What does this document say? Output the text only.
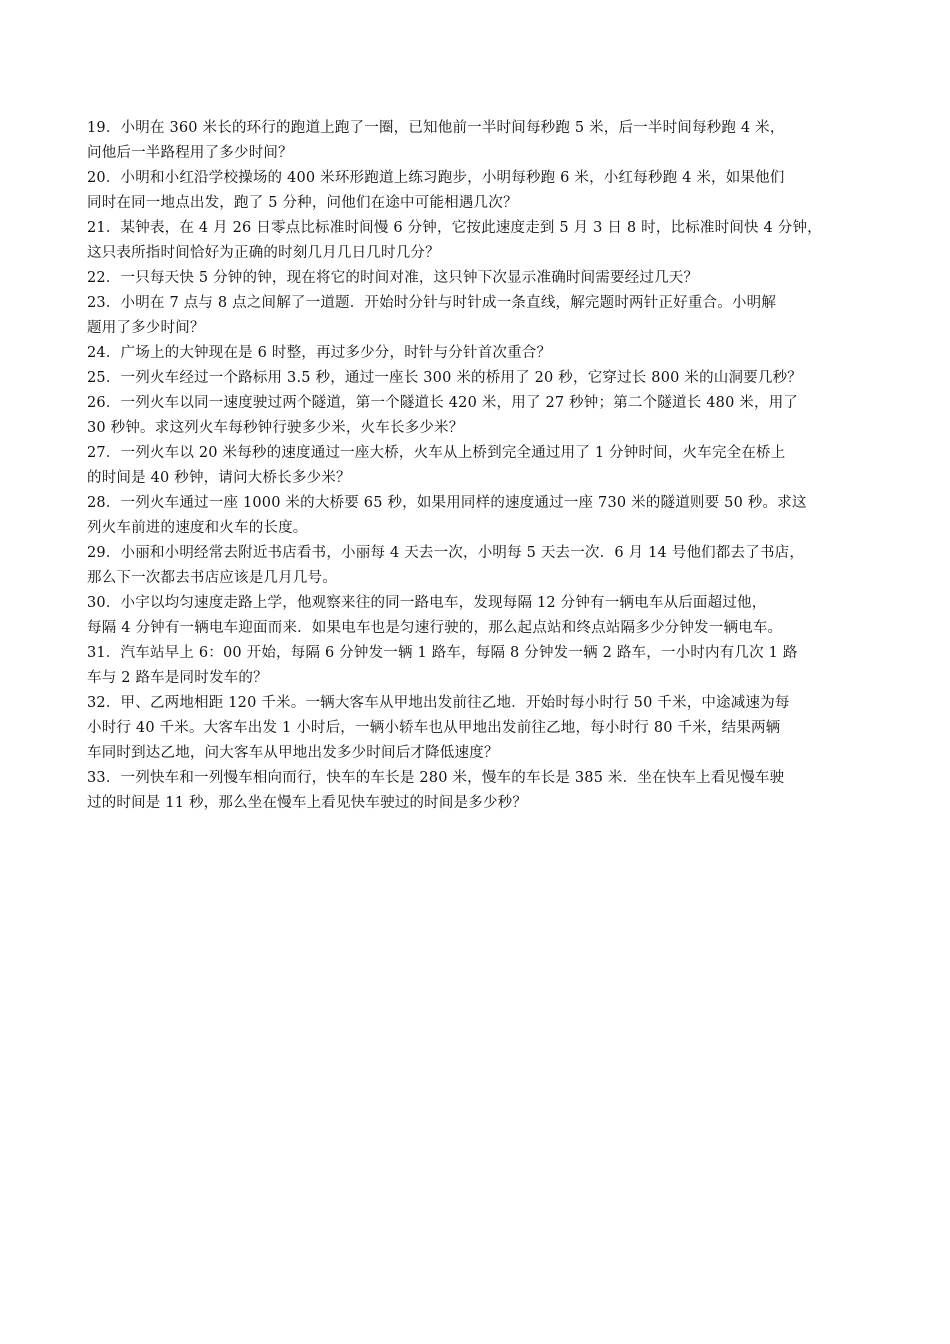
19．小明在 360 米长的环行的跑道上跑了一圈，已知他前一半时间每秒跑 5 米，后一半时间每秒跑 4 米，
问他后一半路程用了多少时间？
20．小明和小红沿学校操场的 400 米环形跑道上练习跑步，小明每秒跑 6 米，小红每秒跑 4 米，如果他们
同时在同一地点出发，跑了 5 分种，问他们在途中可能相遇几次？
21．某钟表，在 4 月 26 日零点比标准时间慢 6 分钟，它按此速度走到 5 月 3 日 8 时，比标准时间快 4 分钟，
这只表所指时间恰好为正确的时刻几月几日几时几分？
22．一只每天快 5 分钟的钟，现在将它的时间对准，这只钟下次显示准确时间需要经过几天？
23．小明在 7 点与 8 点之间解了一道题．开始时分针与时针成一条直线，解完题时两针正好重合。小明解
题用了多少时间？
24．广场上的大钟现在是 6 时整，再过多少分，时针与分针首次重合？
25．一列火车经过一个路标用 3.5 秒，通过一座长 300 米的桥用了 20 秒，它穿过长 800 米的山洞要几秒？
26．一列火车以同一速度驶过两个隧道，第一个隧道长 420 米，用了 27 秒钟；第二个隧道长 480 米，用了
30 秒钟。求这列火车每秒钟行驶多少米，火车长多少米？
27．一列火车以 20 米每秒的速度通过一座大桥，火车从上桥到完全通过用了 1 分钟时间，火车完全在桥上
的时间是 40 秒钟，请问大桥长多少米？
28．一列火车通过一座 1000 米的大桥要 65 秒，如果用同样的速度通过一座 730 米的隧道则要 50 秒。求这
列火车前进的速度和火车的长度。
29．小丽和小明经常去附近书店看书，小丽每 4 天去一次，小明每 5 天去一次．6 月 14 号他们都去了书店，
那么下一次都去书店应该是几月几号。
30．小宇以均匀速度走路上学，他观察来往的同一路电车，发现每隔 12 分钟有一辆电车从后面超过他，
每隔 4 分钟有一辆电车迎面而来．如果电车也是匀速行驶的，那么起点站和终点站隔多少分钟发一辆电车。
31．汽车站早上 6：00 开始，每隔 6 分钟发一辆 1 路车，每隔 8 分钟发一辆 2 路车，一小时内有几次 1 路
车与 2 路车是同时发车的？
32．甲、乙两地相距 120 千米。一辆大客车从甲地出发前往乙地．开始时每小时行 50 千米，中途减速为每
小时行 40 千米。大客车出发 1 小时后，一辆小轿车也从甲地出发前往乙地，每小时行 80 千米，结果两辆
车同时到达乙地，问大客车从甲地出发多少时间后才降低速度？
33．一列快车和一列慢车相向而行，快车的车长是 280 米，慢车的车长是 385 米．坐在快车上看见慢车驶
过的时间是 11 秒，那么坐在慢车上看见快车驶过的时间是多少秒？
